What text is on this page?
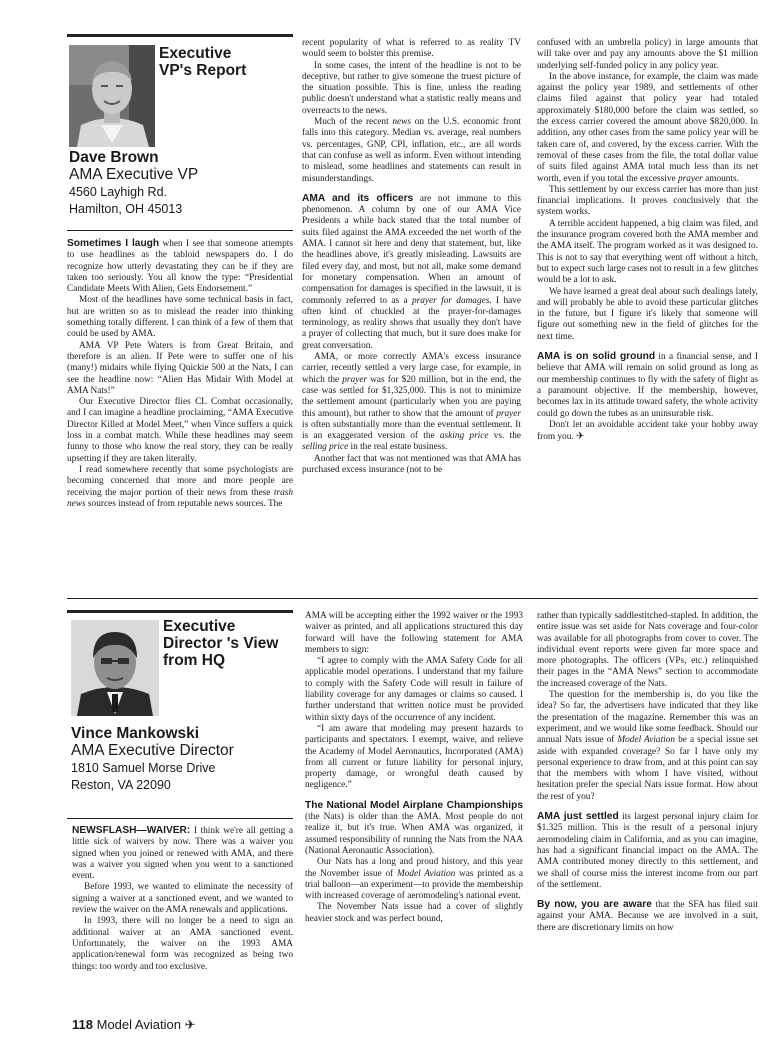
Executive
VP's Report
Dave Brown
AMA Executive VP
4560 Layhigh Rd.
Hamilton, OH 45013

Sometimes I laugh when I see that someone attempts to use headlines as the tabloid newspapers do. I do recognize how utterly devastating they can be if they are taken too seriously. You all know the type: “Presidential Candidate Meets With Alien, Gets Endorsement.”

Most of the headlines have some technical basis in fact, but are written so as to mislead the reader into thinking something totally different. I can think of a few of them that could be used by AMA.

AMA VP Pete Waters is from Great Britain, and therefore is an alien. If Pete were to suffer one of his (many!) midairs while flying Quickie 500 at the Nats, I can see the headline now: “Alien Has Midair With Model at AMA Nats!”

Our Executive Director flies CL Combat occasionally, and I can imagine a headline proclaiming, “AMA Executive Director Killed at Model Meet,” when Vince suffers a quick loss in a combat match. While these headlines may seem funny to those who know the real story, they can be really upsetting if they are taken literally.

I read somewhere recently that some psychologists are becoming concerned that more and more people are receiving the major portion of their news from these trash news sources instead of from reputable news sources. The

recent popularity of what is referred to as reality TV would seem to bolster this premise.

In some cases, the intent of the headline is not to be deceptive, but rather to give someone the truest picture of the situation possible. This is fine, unless the reading public doesn't understand what a statistic really means and overreacts to the news.

Much of the recent news on the U.S. economic front falls into this category. Median vs. average, real numbers vs. percentages, GNP, CPI, inflation, etc., are all words that can confuse as well as inform. Even without intending to mislead, some headlines and statements can result in misunderstandings.

AMA and its officers are not immune to this phenomenon. A column by one of our AMA Vice Presidents a while back stated that the total number of suits filed against the AMA exceeded the net worth of the AMA. I cannot sit here and deny that statement, but, like the headlines above, it's greatly misleading. Lawsuits are filed every day, and most, but not all, make some demand for monetary compensation. When an amount of compensation for damages is specified in the lawsuit, it is commonly referred to as a prayer for damages. I have often kind of chuckled at the prayer-for-damages terminology, as reality shows that usually they don't have a prayer of collecting that much, but it sure does make for great conversation.

AMA, or more correctly AMA's excess insurance carrier, recently settled a very large case, for example, in which the prayer was for $20 million, but in the end, the case was settled for $1,325,000. This is not to minimize the settlement amount (particularly when you are paying this amount), but rather to show that the amount of prayer is often substantially more than the eventual settlement. It is an exaggerated version of the asking price vs. the selling price in the real estate business.

Another fact that was not mentioned was that AMA has purchased excess insurance (not to be

confused with an umbrella policy) in large amounts that will take over and pay any amounts above the $1 million underlying self-funded policy in any policy year.

In the above instance, for example, the claim was made against the policy year 1989, and settlements of other claims filed against that policy year had totaled approximately $180,000 before the claim was settled, so the excess carrier covered the amount above $820,000. In addition, any other cases from the same policy year will be taken care of, and covered, by the excess carrier. With the removal of these cases from the file, the total dollar value of suits filed against AMA total much less than its net worth, even if you total the excessive prayer amounts.

This settlement by our excess carrier has more than just financial implications. It proves conclusively that the system works.

A terrible accident happened, a big claim was filed, and the insurance program covered both the AMA member and the AMA itself. The program worked as it was designed to. This is not to say that everything went off without a hitch, but to expect such large cases not to result in a few glitches would be a lot to ask.

We have learned a great deal about such dealings lately, and will probably be able to avoid these particular glitches in the future, but I figure it's likely that someone will figure out something new in the field of glitches for the next time.

AMA is on solid ground in a financial sense, and I believe that AMA will remain on solid ground as long as our membership continues to fly with the safety of flight as a paramount objective. If the membership, however, becomes lax in its attitude toward safety, the whole activity could go down the tubes as an uninsurable risk.

Don't let an avoidable accident take your hobby away from you. ✈

Executive
Director 's View
from HQ
Vince Mankowski
AMA Executive Director
1810 Samuel Morse Drive
Reston, VA 22090

NEWSFLASH—WAIVER: I think we're all getting a little sick of waivers by now. There was a waiver you signed when you joined or renewed with AMA, and there was a waiver you signed when you went to a sanctioned event.

Before 1993, we wanted to eliminate the necessity of signing a waiver at a sanctioned event, and we wanted to review the waiver on the AMA renewals and applications.

In 1993, there will no longer be a need to sign an additional waiver at an AMA sanctioned event. Unfortunately, the waiver on the 1993 AMA application/renewal form was recognized as being two things: too wordy and too exclusive.

AMA will be accepting either the 1992 waiver or the 1993 waiver as printed, and all applications structured this day forward will have the following statement for AMA members to sign:

“I agree to comply with the AMA Safety Code for all applicable model operations. I understand that my failure to comply with the Safety Code will result in failure of liability coverage for any damages or claims so caused. I further understand that written notice must be provided within sixty days of the occurrence of any incident.

“I am aware that modeling may present hazards to participants and spectators. I exempt, waive, and relieve the Academy of Model Aeronautics, Incorporated (AMA) from all current or future liability for personal injury, property damage, or wrongful death caused by negligence.”

The National Model Airplane Championships (the Nats) is older than the AMA. Most people do not realize it, but it's true. When AMA was organized, it assumed responsibility of running the Nats from the NAA (National Aeronautic Association).

Our Nats has a long and proud history, and this year the November issue of Model Aviation was printed as a trial balloon—an experiment—to provide the membership with increased coverage of aeromodeling's national event.

The November Nats issue had a cover of slightly heavier stock and was perfect bound,

rather than typically saddlestitched-stapled. In addition, the entire issue was set aside for Nats coverage and four-color was available for all photographs from cover to cover. The individual event reports were given far more space and more photographs. The officers (VPs, etc.) relinquished their pages in the “AMA News” section to accommodate the increased coverage of the Nats.

The question for the membership is, do you like the idea? So far, the advertisers have indicated that they like the presentation of the magazine. Remember this was an experiment, and we would like some feedback. Should our annual Nats issue of Model Aviation be a special issue set aside with expanded coverage? So far I have only my personal experience to draw from, and at this point can say that the members with whom I have visited, without hesitation prefer the special Nats issue format. How about the rest of you?

AMA just settled its largest personal injury claim for $1.325 million. This is the result of a personal injury aeromodeling claim in California, and as you can imagine, has had a significant financial impact on the AMA. The AMA contributed money directly to this settlement, and we shall of course miss the interest income from our part of the settlement.

By now, you are aware that the SFA has filed suit against your AMA. Because we are involved in a suit, there are discretionary limits on how

118 Model Aviation ✈
